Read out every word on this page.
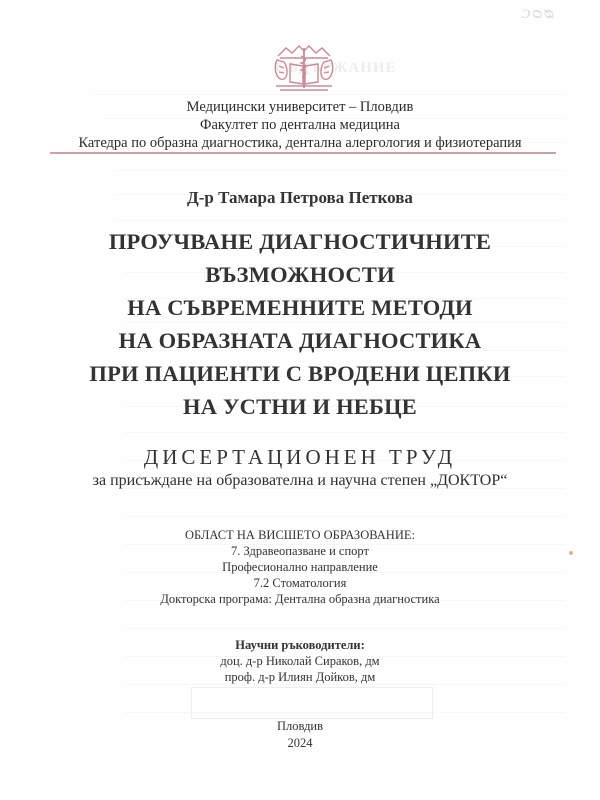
СЪДЪРЖАНИЕ
ᴐᴑᴓ
Медицински университет – Пловдив
Факултет по дентална медицина
Катедра по образна диагностика, дентална алергология и физиотерапия
Д-р Тамара Петрова Петкова
ПРОУЧВАНЕ ДИАГНОСТИЧНИТЕ
ВЪЗМОЖНОСТИ
НА СЪВРЕМЕННИТЕ МЕТОДИ
НА ОБРАЗНАТА ДИАГНОСТИКА
ПРИ ПАЦИЕНТИ С ВРОДЕНИ ЦЕПКИ
НА УСТНИ И НЕБЦЕ
ДИСЕРТАЦИОНЕН ТРУД
за присъждане на образователна и научна степен „ДОКТОР“
ОБЛАСТ НА ВИСШЕТО ОБРАЗОВАНИЕ:
7. Здравеопазване и спорт
Професионално направление
7.2 Стоматология
Докторска програма: Дентална образна диагностика
Научни ръководители:
доц. д-р Николай Сираков, дм
проф. д-р Илиян Дойков, дм
Пловдив
2024
